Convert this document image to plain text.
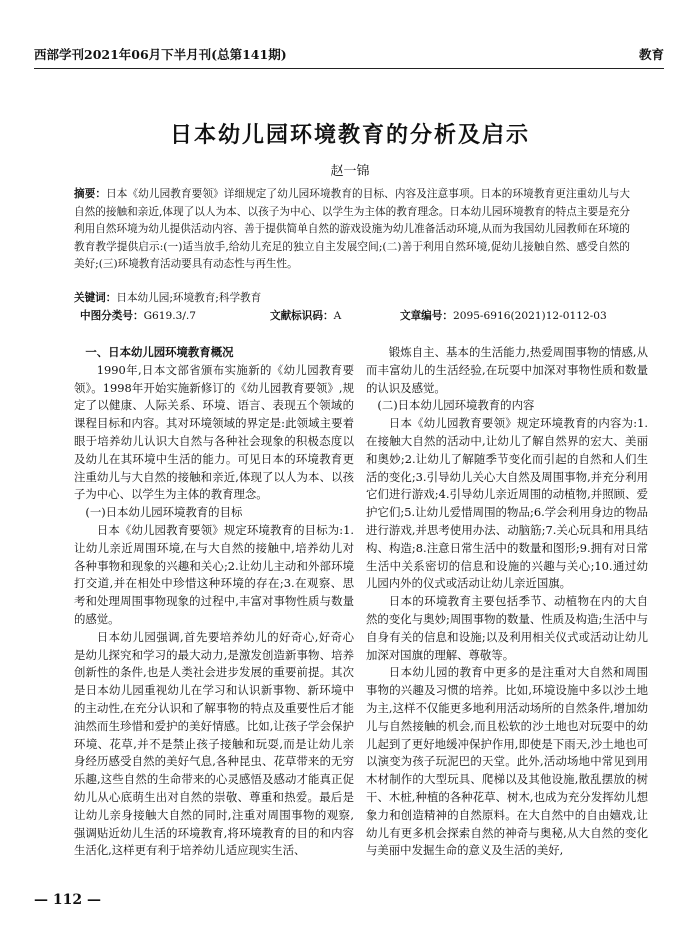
西部学刊2021年06月下半月刊(总第141期)	教育
日本幼儿园环境教育的分析及启示
赵一锦
摘要：日本《幼儿园教育要领》详细规定了幼儿园环境教育的目标、内容及注意事项。日本的环境教育更注重幼儿与大自然的接触和亲近,体现了以人为本、以孩子为中心、以学生为主体的教育理念。日本幼儿园环境教育的特点主要是充分利用自然环境为幼儿提供活动内容、善于提供简单自然的游戏设施为幼儿准备活动环境,从而为我国幼儿园教师在环境的教育教学提供启示:(一)适当放手,给幼儿充足的独立自主发展空间;(二)善于利用自然环境,促幼儿接触自然、感受自然的美好;(三)环境教育活动要具有动态性与再生性。
关键词：日本幼儿园;环境教育;科学教育
中图分类号：G619.3/.7	文献标识码：A	文章编号：2095-6916(2021)12-0112-03
一、日本幼儿园环境教育概况

1990年,日本文部省颁布实施新的《幼儿园教育要领》。1998年开始实施新修订的《幼儿园教育要领》,规定了以健康、人际关系、环境、语言、表现五个领域的课程目标和内容。其对环境领域的界定是:此领域主要着眼于培养幼儿认识大自然与各种社会现象的积极态度以及幼儿在其环境中生活的能力。可见日本的环境教育更注重幼儿与大自然的接触和亲近,体现了以人为本、以孩子为中心、以学生为主体的教育理念。

(一)日本幼儿园环境教育的目标

日本《幼儿园教育要领》规定环境教育的目标为:1.让幼儿亲近周围环境,在与大自然的接触中,培养幼儿对各种事物和现象的兴趣和关心;2.让幼儿主动和外部环境打交道,并在相处中珍惜这种环境的存在;3.在观察、思考和处理周围事物现象的过程中,丰富对事物性质与数量的感觉。

日本幼儿园强调,首先要培养幼儿的好奇心,好奇心是幼儿探究和学习的最大动力,是激发创造新事物、培养创新性的条件,也是人类社会进步发展的重要前提。其次是日本幼儿园重视幼儿在学习和认识新事物、新环境中的主动性,在充分认识和了解事物的特点及重要性后才能油然而生珍惜和爱护的美好情感。比如,让孩子学会保护环境、花草,并不是禁止孩子接触和玩耍,而是让幼儿亲身经历感受自然的美好气息,各种昆虫、花草带来的无穷乐趣,这些自然的生命带来的心灵感悟及感动才能真正促幼儿从心底萌生出对自然的崇敬、尊重和热爱。最后是让幼儿亲身接触大自然的同时,注重对周围事物的观察,强调贴近幼儿生活的环境教育,将环境教育的目的和内容生活化,这样更有利于培养幼儿适应现实生活、

锻炼自主、基本的生活能力,热爱周围事物的情感,从而丰富幼儿的生活经验,在玩耍中加深对事物性质和数量的认识及感觉。

(二)日本幼儿园环境教育的内容

日本《幼儿园教育要领》规定环境教育的内容为:1.在接触大自然的活动中,让幼儿了解自然界的宏大、美丽和奥妙;2.让幼儿了解随季节变化而引起的自然和人们生活的变化;3.引导幼儿关心大自然及周围事物,并充分利用它们进行游戏;4.引导幼儿亲近周围的动植物,并照顾、爱护它们;5.让幼儿爱惜周围的物品;6.学会利用身边的物品进行游戏,并思考使用办法、动脑筋;7.关心玩具和用具结构、构造;8.注意日常生活中的数量和图形;9.拥有对日常生活中关系密切的信息和设施的兴趣与关心;10.通过幼儿园内外的仪式或活动让幼儿亲近国旗。

日本的环境教育主要包括季节、动植物在内的大自然的变化与奥妙;周围事物的数量、性质及构造;生活中与自身有关的信息和设施;以及利用相关仪式或活动让幼儿加深对国旗的理解、尊敬等。

日本幼儿园的教育中更多的是注重对大自然和周围事物的兴趣及习惯的培养。比如,环境设施中多以沙土地为主,这样不仅能更多地利用活动场所的自然条件,增加幼儿与自然接触的机会,而且松软的沙土地也对玩耍中的幼儿起到了更好地缓冲保护作用,即使是下雨天,沙土地也可以演变为孩子玩泥巴的天堂。此外,活动场地中常见到用木材制作的大型玩具、爬梯以及其他设施,散乱摆放的树干、木桩,种植的各种花草、树木,也成为充分发挥幼儿想象力和创造精神的自然原料。在大自然中的自由嬉戏,让幼儿有更多机会探索自然的神奇与奥秘,从大自然的变化与美丽中发掘生命的意义及生活的美好,

— 112 —
